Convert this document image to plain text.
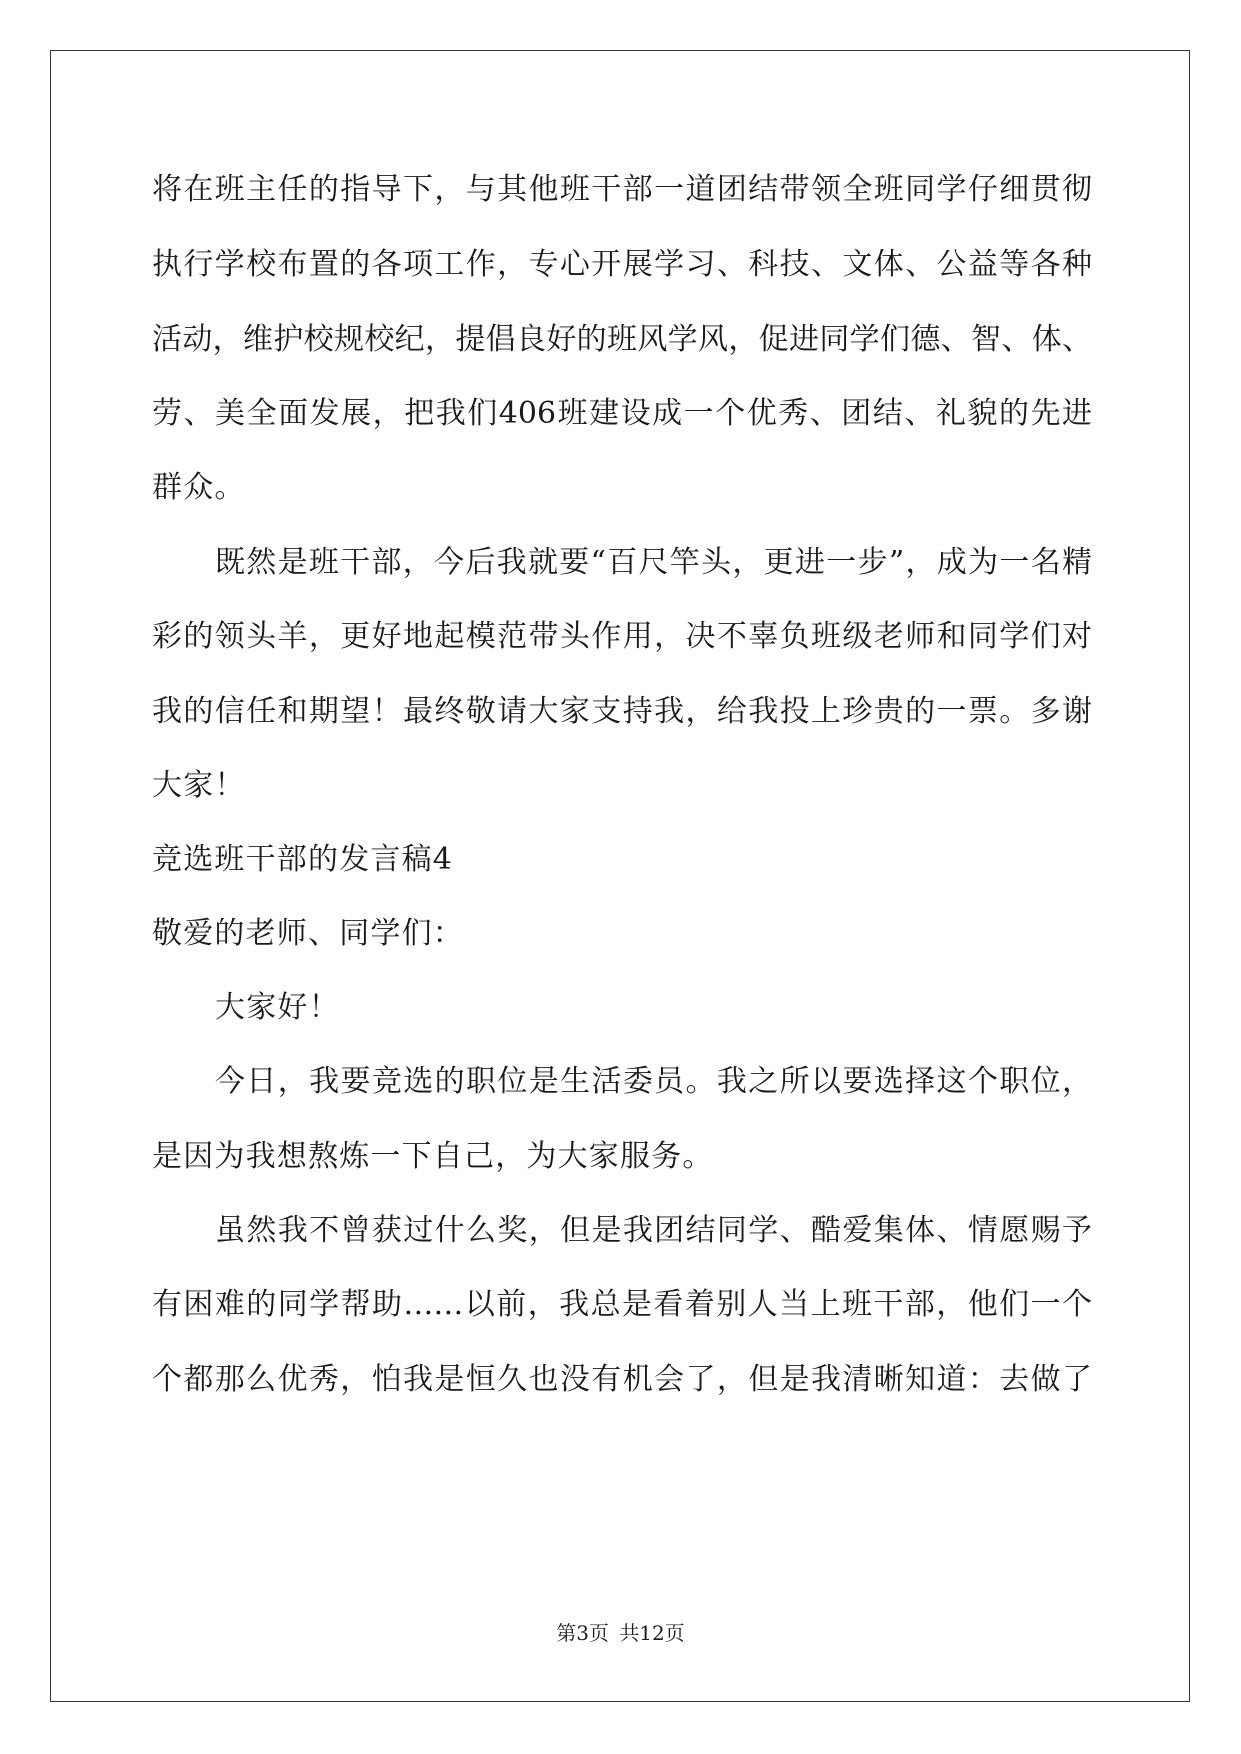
将在班主任的指导下，与其他班干部一道团结带领全班同学仔细贯彻
执行学校布置的各项工作，专心开展学习、科技、文体、公益等各种
活动，维护校规校纪，提倡良好的班风学风，促进同学们德、智、体、
劳、美全面发展，把我们406班建设成一个优秀、团结、礼貌的先进
群众。
既然是班干部，今后我就要“百尺竿头，更进一步”，成为一名精
彩的领头羊，更好地起模范带头作用，决不辜负班级老师和同学们对
我的信任和期望！最终敬请大家支持我，给我投上珍贵的一票。多谢
大家！
竞选班干部的发言稿4
敬爱的老师、同学们：
大家好！
今日，我要竞选的职位是生活委员。我之所以要选择这个职位，
是因为我想熬炼一下自己，为大家服务。
虽然我不曾获过什么奖，但是我团结同学、酷爱集体、情愿赐予
有困难的同学帮助……以前，我总是看着别人当上班干部，他们一个
个都那么优秀，怕我是恒久也没有机会了，但是我清晰知道：去做了
第3页 共12页
